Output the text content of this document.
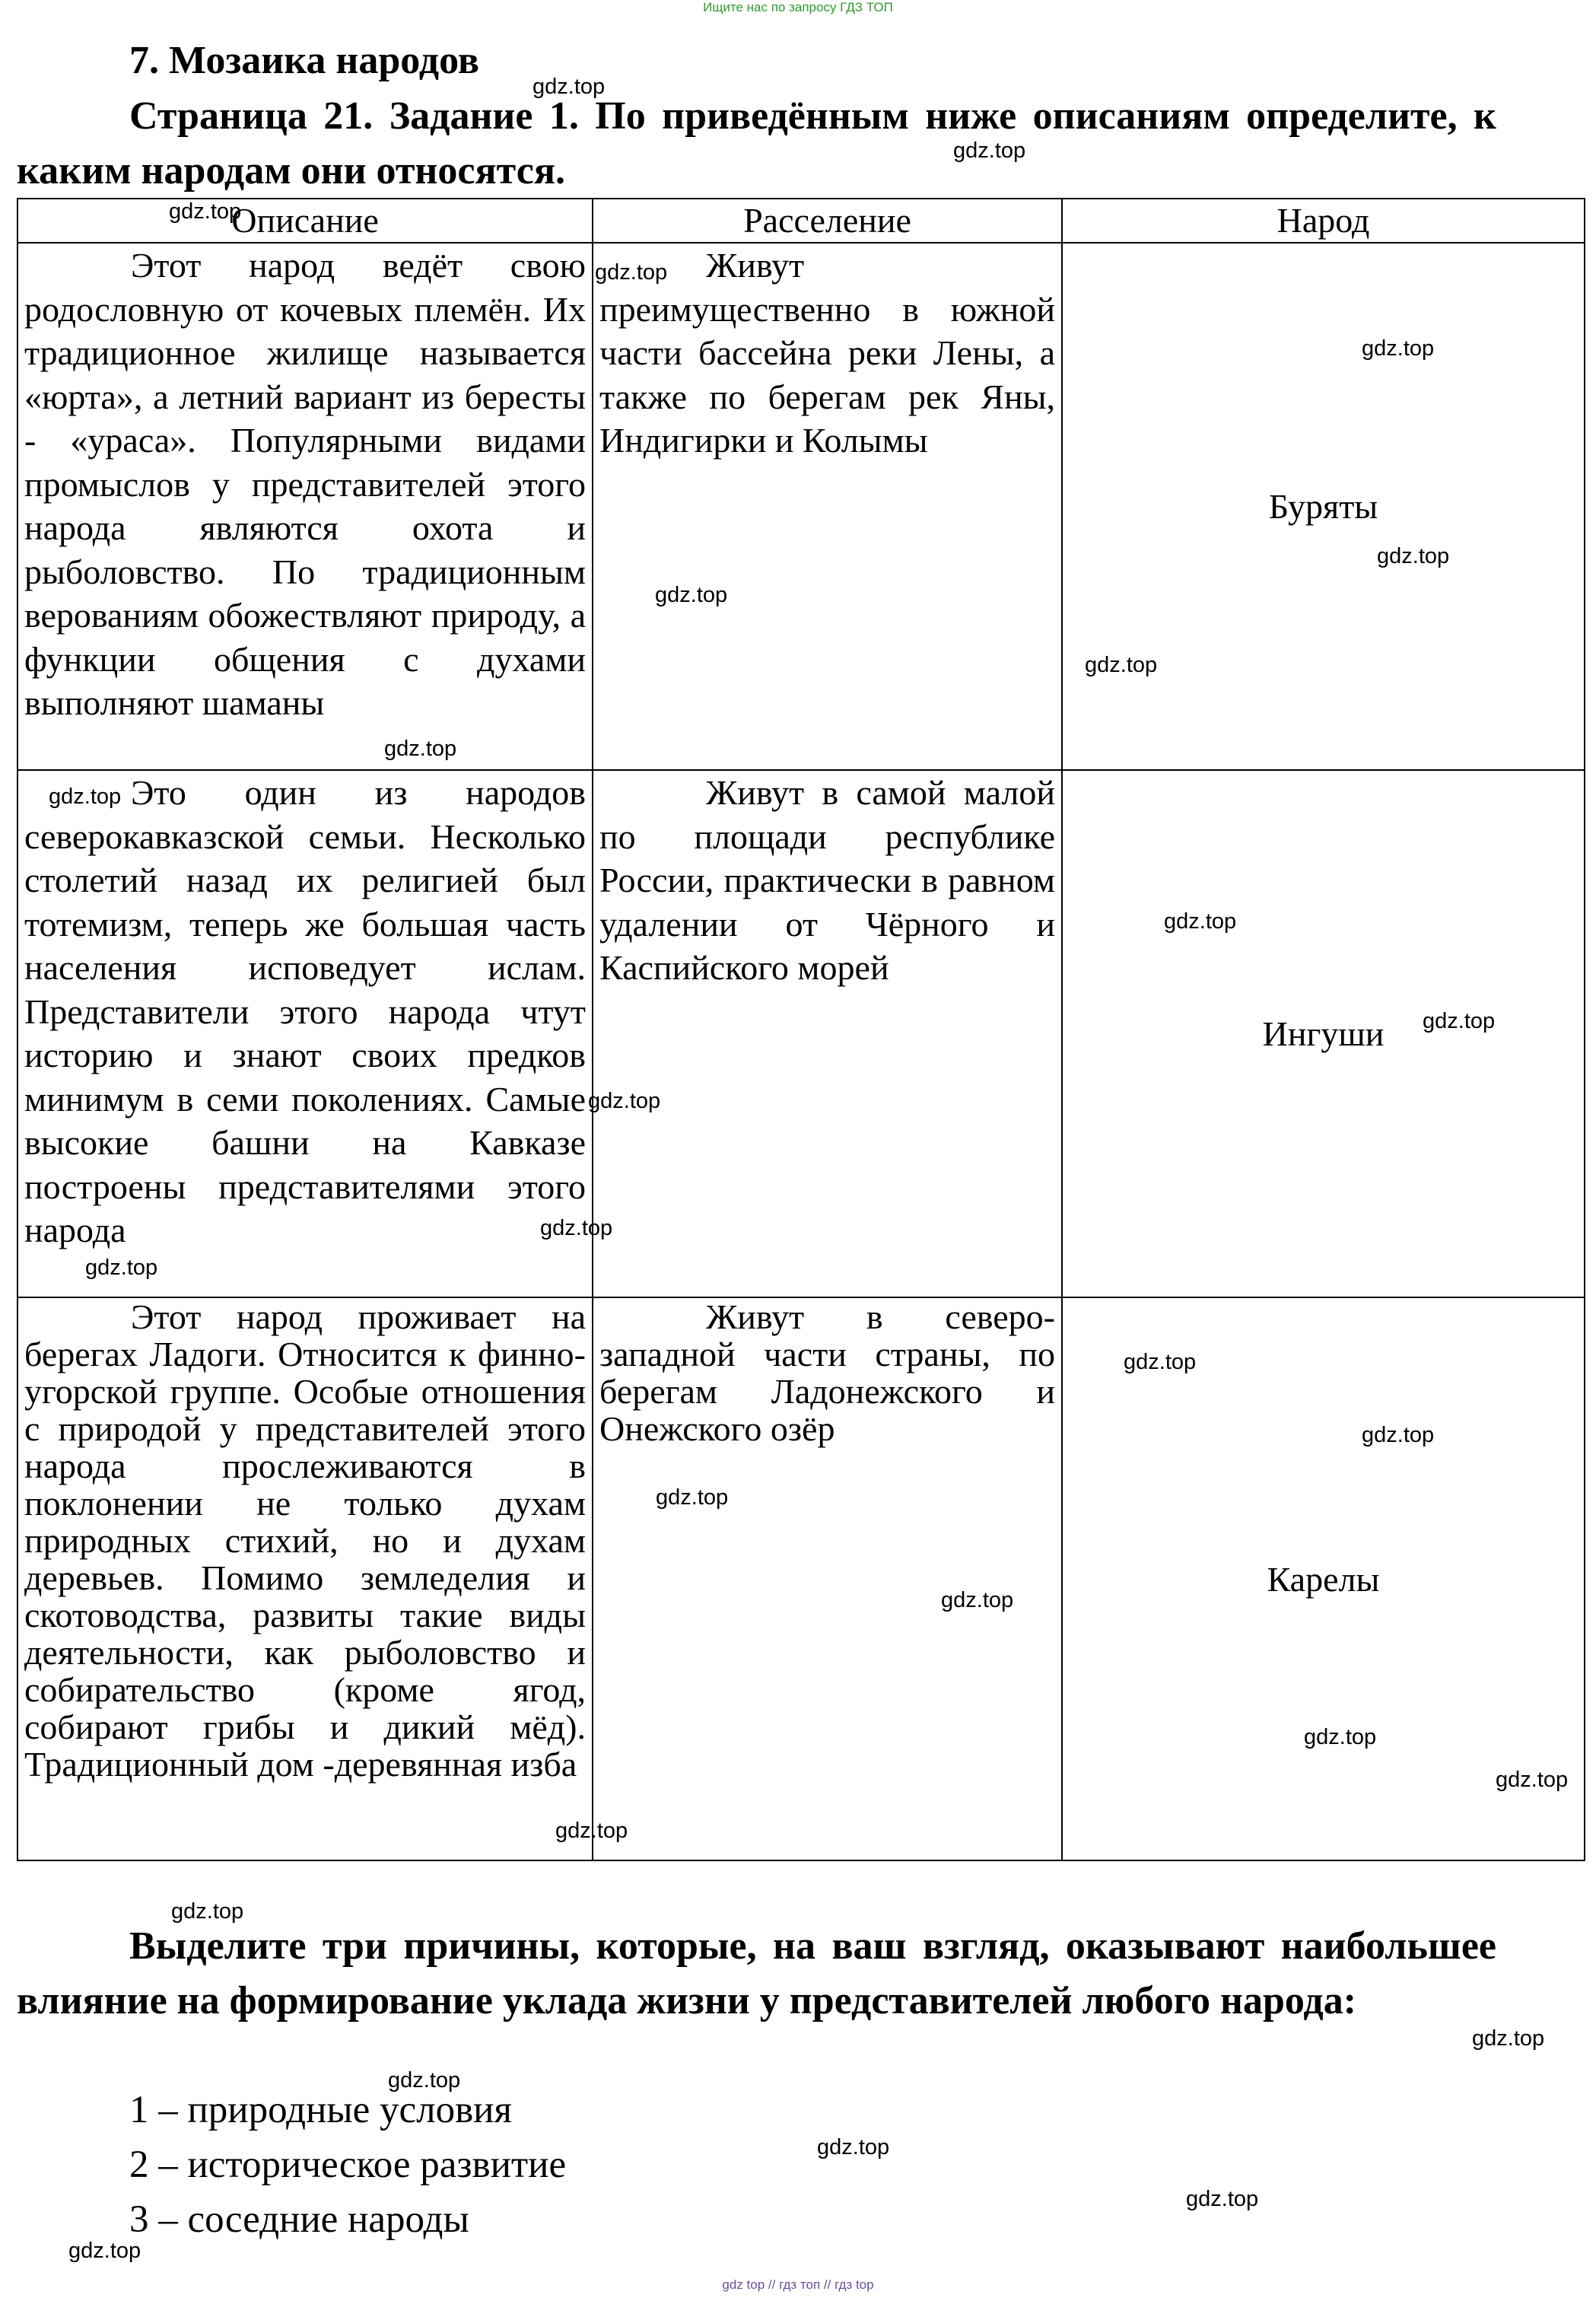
Ищите нас по запросу ГДЗ ТОП
7. Мозаика народов
Страница 21. Задание 1. По приведённым ниже описаниям определите, к каким народам они относятся.
Описание	Расселение	Народ
Этот народ ведёт свою родословную от кочевых племён. Их традиционное жилище называется «юрта», а летний вариант из бересты - «ураса». Популярными видами промыслов у представителей этого народа являются охота и рыболовство. По традиционным верованиям обожествляют природу, а функции общения с духами выполняют шаманы	Живут преимущественно в южной части бассейна реки Лены, а также по берегам рек Яны, Индигирки и Колымы	Буряты
Это один из народов северокавказской семьи. Несколько столетий назад их религией был тотемизм, теперь же большая часть населения исповедует ислам. Представители этого народа чтут историю и знают своих предков минимум в семи поколениях. Самые высокие башни на Кавказе построены представителями этого народа	Живут в самой малой по площади республике России, практически в равном удалении от Чёрного и Каспийского морей	Ингуши
Этот народ проживает на берегах Ладоги. Относится к финно-угорской группе. Особые отношения с природой у представителей этого народа прослеживаются в поклонении не только духам природных стихий, но и духам деревьев. Помимо земледелия и скотоводства, развиты такие виды деятельности, как рыболовство и собирательство (кроме ягод, собирают грибы и дикий мёд). Традиционный дом -деревянная изба	Живут в северо-западной части страны, по берегам Ладонежского и Онежского озёр	Карелы
Выделите три причины, которые, на ваш взгляд, оказывают наибольшее влияние на формирование уклада жизни у представителей любого народа:
1 – природные условия
2 – историческое развитие
3 – соседние народы
gdz.top
gdz.top
gdz.top
gdz.top
gdz.top
gdz.top
gdz.top
gdz.top
gdz.top
gdz.top
gdz.top
gdz.top
gdz.top
gdz.top
gdz.top
gdz.top
gdz.top
gdz.top
gdz.top
gdz.top
gdz.top
gdz.top
gdz.top
gdz.top
gdz.top
gdz.top
gdz.top
gdz.top
gdz top // гдз топ // гдз top
